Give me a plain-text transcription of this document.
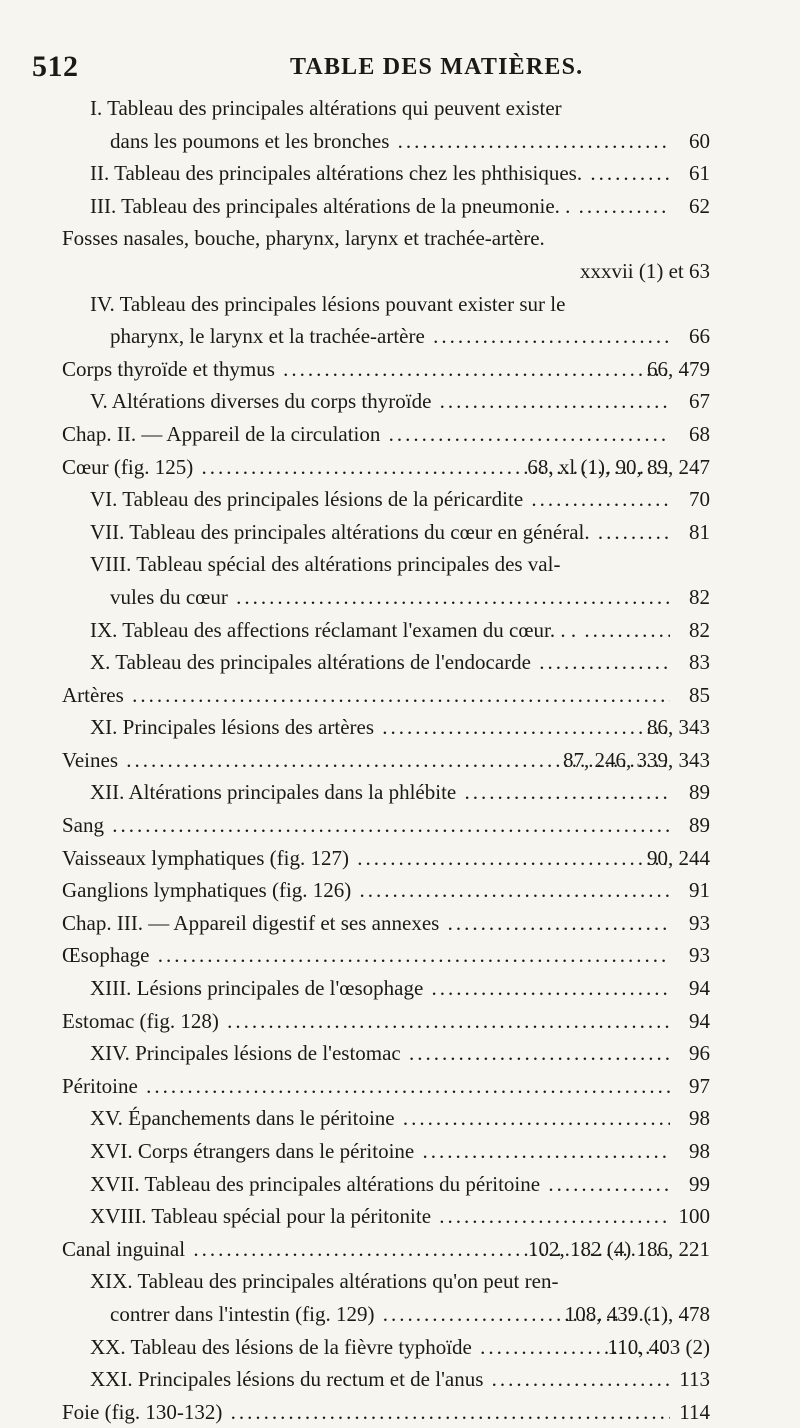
512	TABLE DES MATIÈRES.
I. Tableau des principales altérations qui peuvent exister
dans les poumons et les bronches .....	60
II. Tableau des principales altérations chez les phthisiques. .....	61
III. Tableau des principales altérations de la pneumonie. . .....	62
Fosses nasales, bouche, pharynx, larynx et trachée-artère.
xxxvii (1) et 63
IV. Tableau des principales lésions pouvant exister sur le
pharynx, le larynx et la trachée-artère .....	66
Corps thyroïde et thymus .....	66, 479
V. Altérations diverses du corps thyroïde .....	67
Chap. II. — Appareil de la circulation .....	68
Cœur (fig. 125) .....	68, xl (1), 90, 89, 247
VI. Tableau des principales lésions de la péricardite .....	70
VII. Tableau des principales altérations du cœur en général. .....	81
VIII. Tableau spécial des altérations principales des val-
vules du cœur .....	82
IX. Tableau des affections réclamant l'examen du cœur. . . .....	82
X. Tableau des principales altérations de l'endocarde .....	83
Artères .....	85
XI. Principales lésions des artères .....	86, 343
Veines .....	87, 246, 339, 343
XII. Altérations principales dans la phlébite .....	89
Sang .....	89
Vaisseaux lymphatiques (fig. 127) .....	90, 244
Ganglions lymphatiques (fig. 126) .....	91
Chap. III. — Appareil digestif et ses annexes .....	93
Œsophage .....	93
XIII. Lésions principales de l'œsophage .....	94
Estomac (fig. 128) .....	94
XIV. Principales lésions de l'estomac .....	96
Péritoine .....	97
XV. Épanchements dans le péritoine .....	98
XVI. Corps étrangers dans le péritoine .....	98
XVII. Tableau des principales altérations du péritoine .....	99
XVIII. Tableau spécial pour la péritonite .....	100
Canal inguinal .....	102, 182 (4) 186, 221
XIX. Tableau des principales altérations qu'on peut ren-
contrer dans l'intestin (fig. 129) .....	108, 439 (1), 478
XX. Tableau des lésions de la fièvre typhoïde .....	110, 403 (2)
XXI. Principales lésions du rectum et de l'anus .....	113
Foie (fig. 130-132) .....	114
